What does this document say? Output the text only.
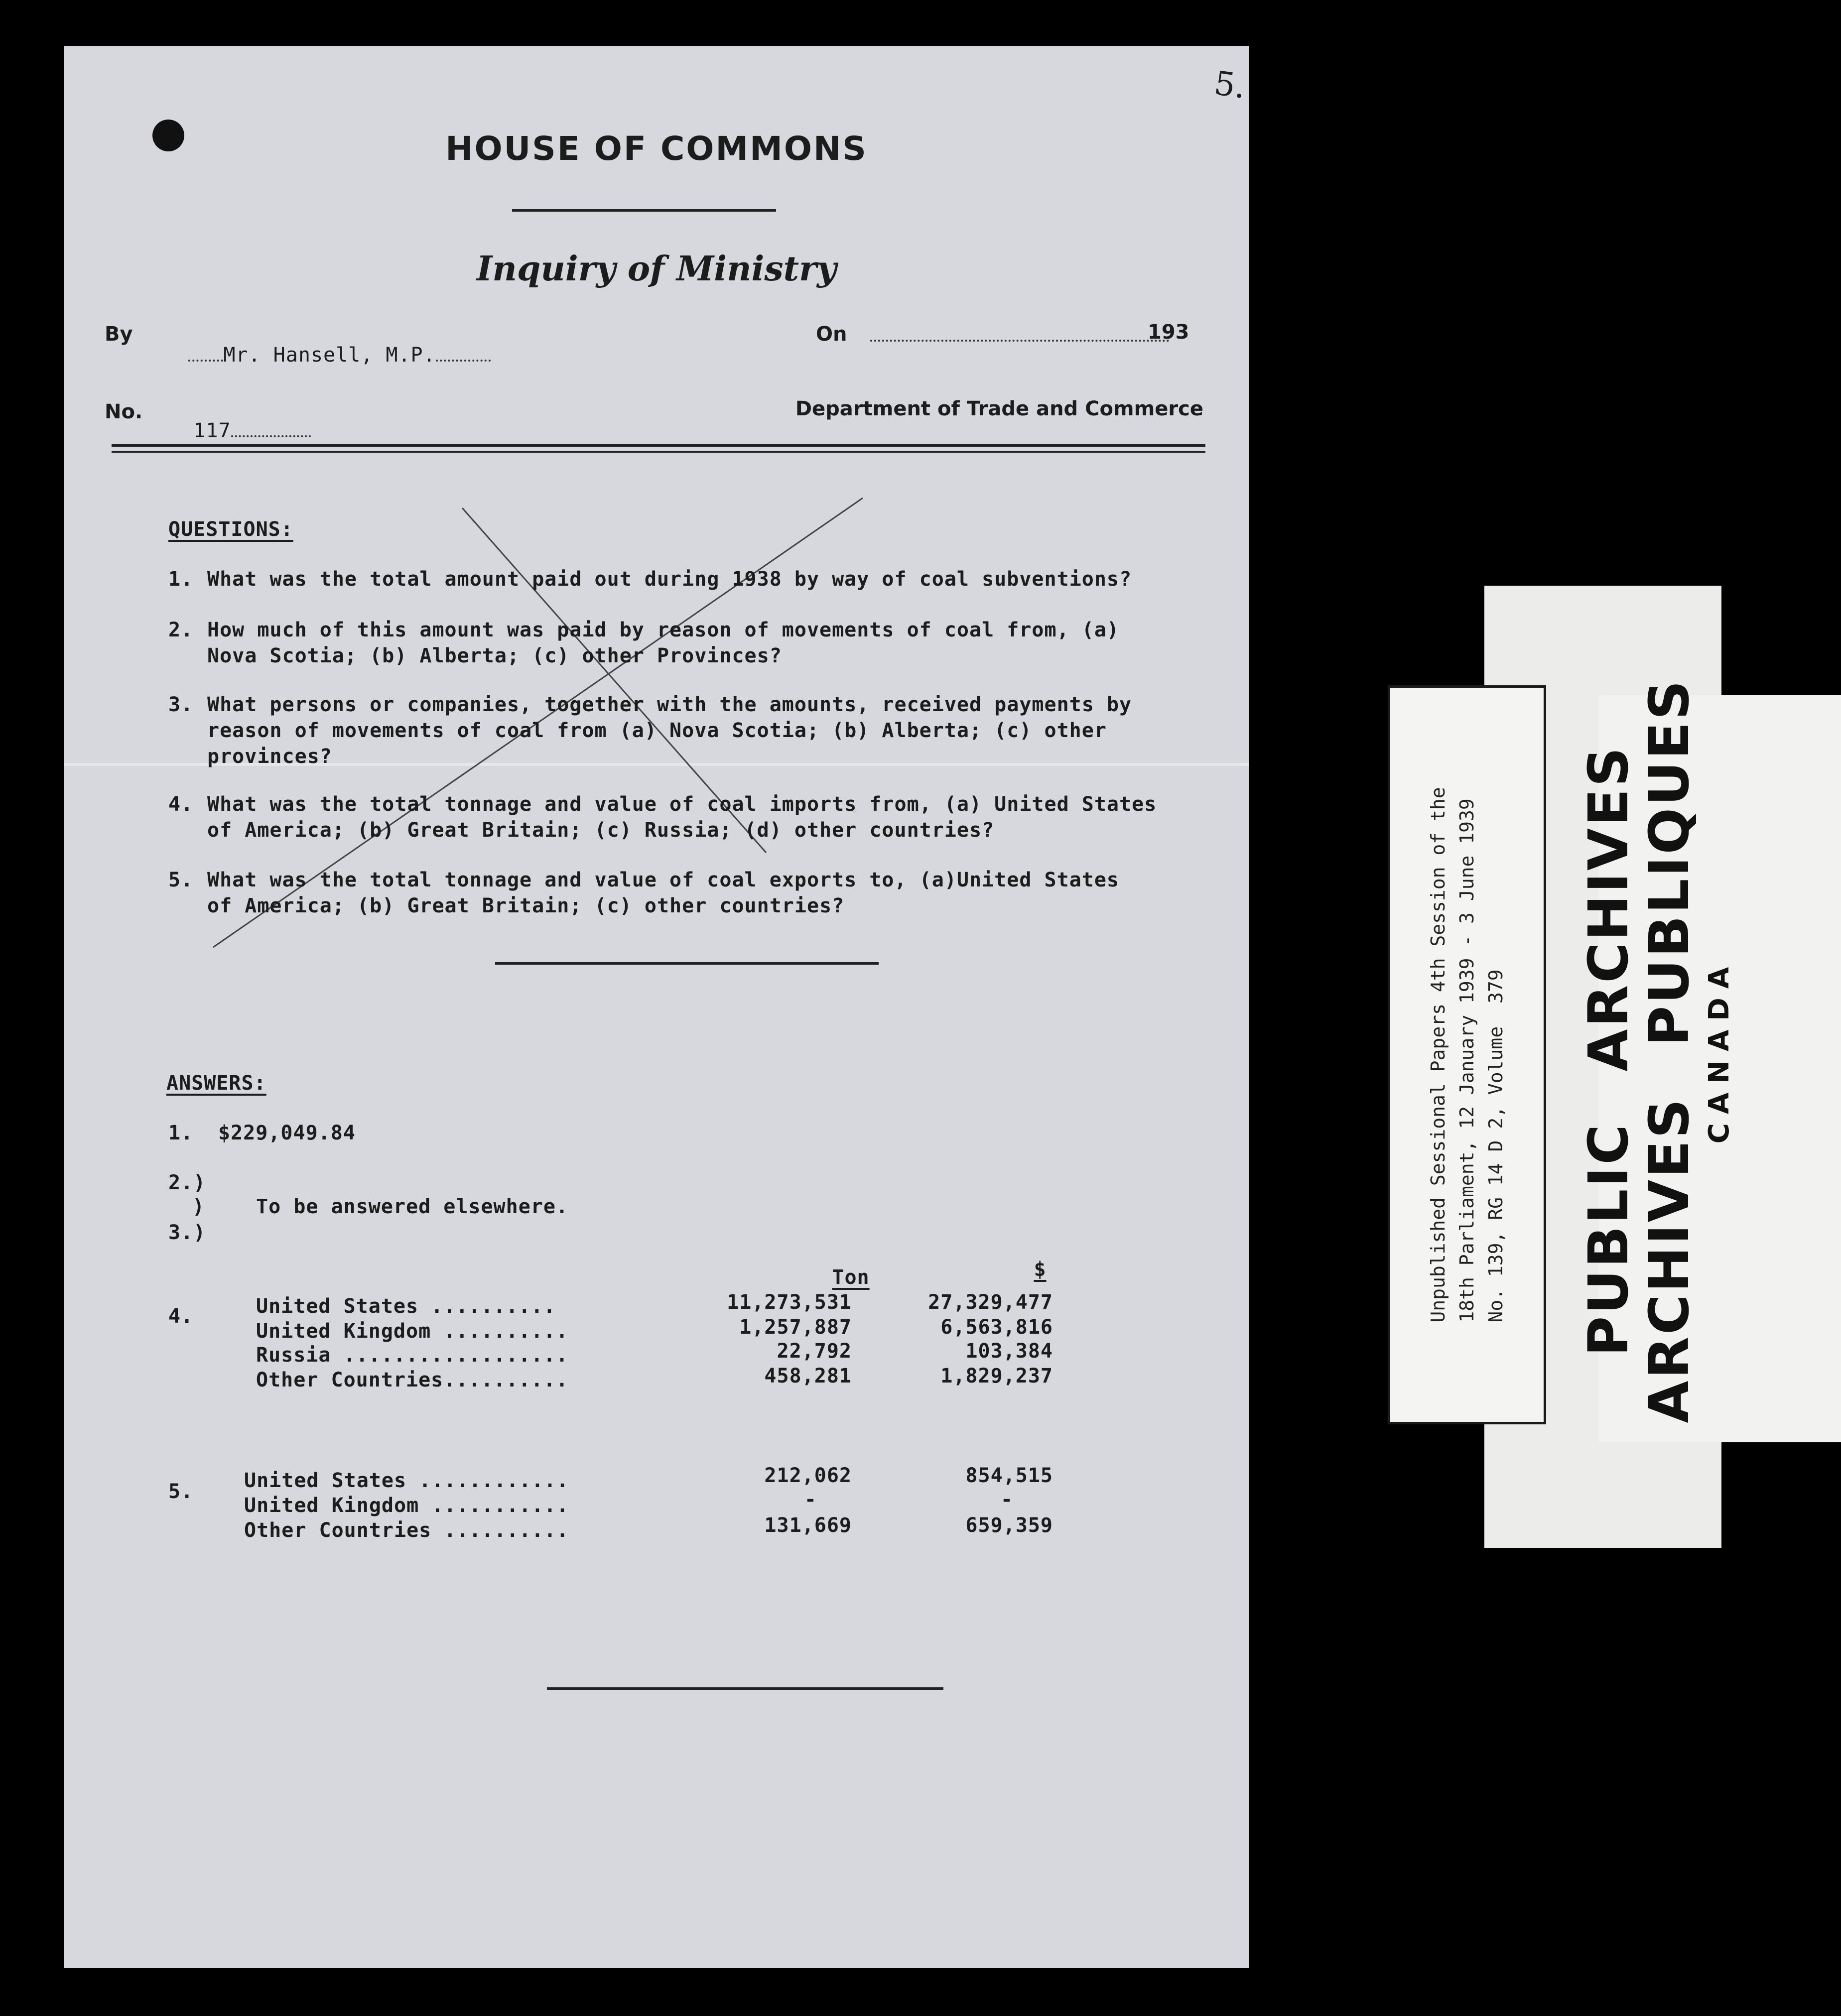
5.
HOUSE OF COMMONS
Inquiry of Ministry
By

Mr. Hansell, M.P.

On

	193
No.

117

Department of Trade and Commerce
QUESTIONS:
1. What was the total amount paid out during 1938 by way of coal subventions?
2. How much of this amount was paid by reason of movements of coal from, (a)
Nova Scotia; (b) Alberta; (c) other Provinces?
3. What persons or companies, together with the amounts, received payments by
reason of movements of coal from (a) Nova Scotia; (b) Alberta; (c) other
provinces?
4. What was the total tonnage and value of coal imports from, (a) United States
of America; (b) Great Britain; (c) Russia; (d) other countries?
5. What was the total tonnage and value of coal exports to, (a)United States
of America; (b) Great Britain; (c) other countries?
ANSWERS:
1. $229,049.84
2.)
)	To be answered elsewhere.
3.)
Ton	$
4.	United States ..........	11,273,531	27,329,477
United Kingdom ..........	1,257,887	6,563,816
Russia ..................	22,792	103,384
Other Countries..........	458,281	1,829,237
5.	United States ............	212,062	854,515
United Kingdom ...........	-	-
Other Countries ..........	131,669	659,359
Unpublished Sessional Papers 4th Session of the 18th Parliament, 12 January 1939 - 3 June 1939 No. 139, RG 14 D 2, Volume  379 PUBLIC ARCHIVES
ARCHIVES PUBLIQUES CANADA
